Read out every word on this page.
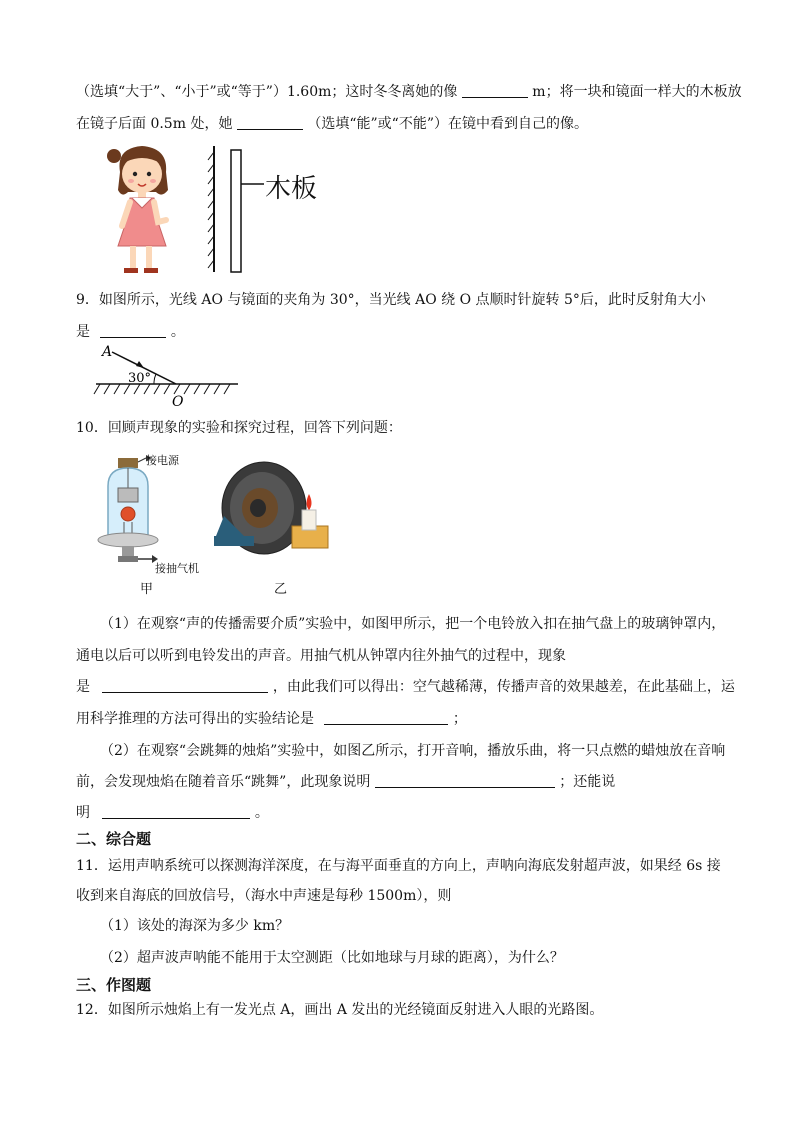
（选填“大于”、“小于”或“等于”）1.60m；这时冬冬离她的像	m；将一块和镜面一样大的木板放
在镜子后面 0.5m 处，她	（选填“能”或“不能”）在镜中看到自己的像。
木板
9．如图所示，光线 AO 与镜面的夹角为 30°，当光线 AO 绕 O 点顺时针旋转 5°后，此时反射角大小
是	。
A
30°
O
10．回顾声现象的实验和探究过程，回答下列问题：
接电源
接抽气机
甲	乙
（1）在观察“声的传播需要介质”实验中，如图甲所示，把一个电铃放入扣在抽气盘上的玻璃钟罩内，
通电以后可以听到电铃发出的声音。用抽气机从钟罩内往外抽气的过程中，现象
是	，由此我们可以得出：空气越稀薄，传播声音的效果越差，在此基础上，运
用科学推理的方法可得出的实验结论是	；
（2）在观察“会跳舞的烛焰”实验中，如图乙所示，打开音响，播放乐曲，将一只点燃的蜡烛放在音响
前，会发现烛焰在随着音乐“跳舞”，此现象说明	；还能说
明	。
二、综合题
11．运用声呐系统可以探测海洋深度，在与海平面垂直的方向上，声呐向海底发射超声波，如果经 6s 接
收到来自海底的回放信号，（海水中声速是每秒 1500m），则
（1）该处的海深为多少 km？
（2）超声波声呐能不能用于太空测距（比如地球与月球的距离），为什么？
三、作图题
12．如图所示烛焰上有一发光点 A，画出 A 发出的光经镜面反射进入人眼的光路图。
